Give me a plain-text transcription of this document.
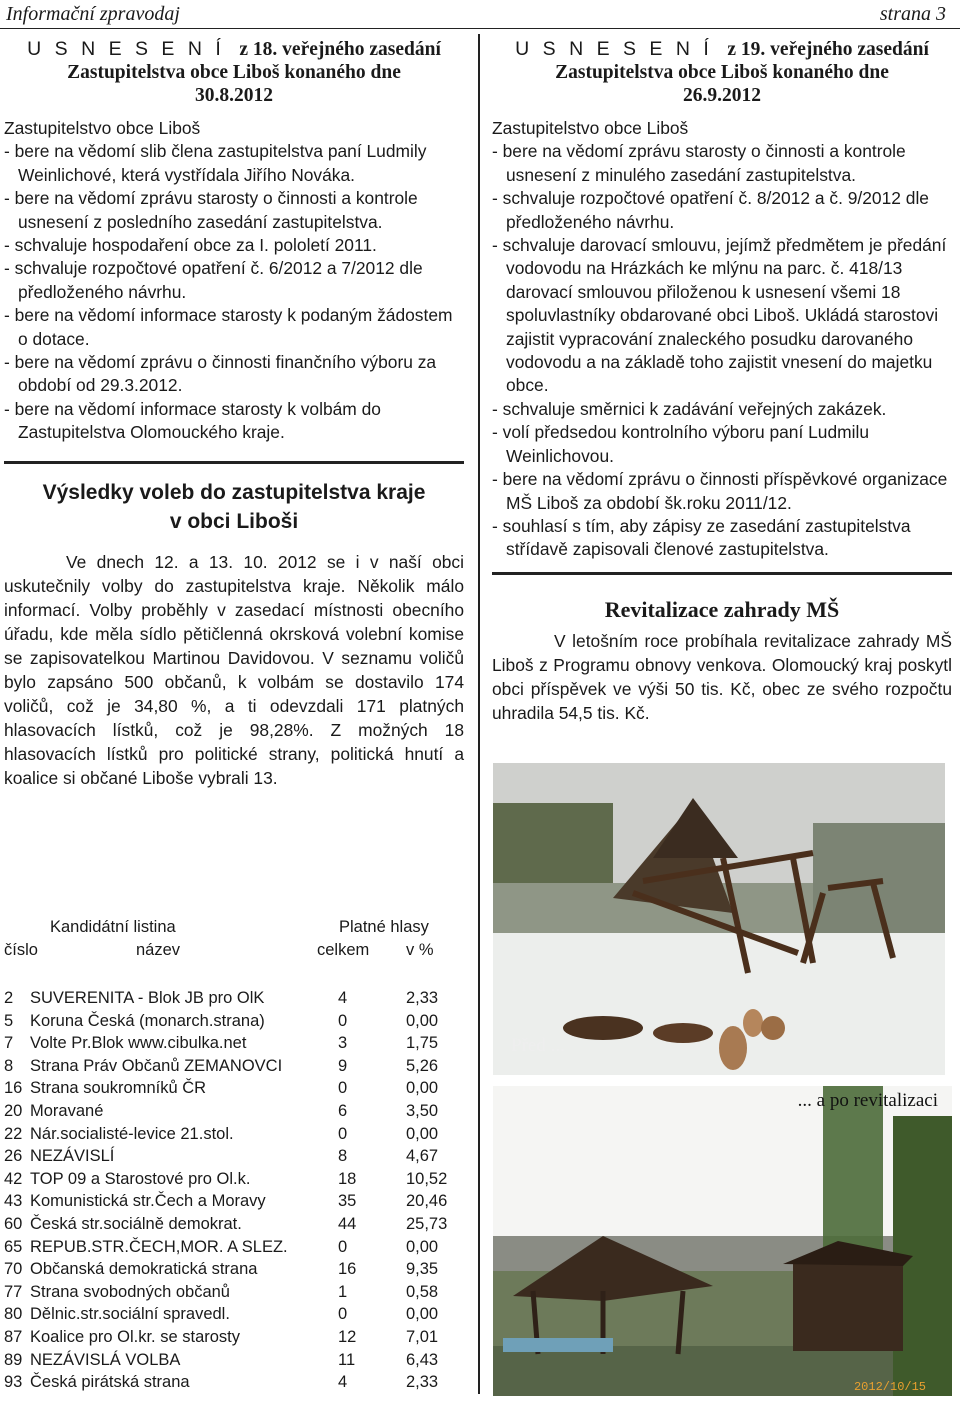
Informační zpravodaj	strana 3
U S N E S E N Í z 18. veřejného zasedání
Zastupitelstva obce Liboš konaného dne
30.8.2012

Zastupitelstvo obce Liboš

- bere na vědomí slib člena zastupitelstva paní Ludmily Weinlichové, která vystřídala Jiřího Nováka.
- bere na vědomí zprávu starosty o činnosti a kontrole usnesení z posledního zasedání zastupitelstva.
- schvaluje hospodaření obce za I. pololetí 2011.
- schvaluje rozpočtové opatření č. 6/2012 a 7/2012 dle předloženého návrhu.
- bere na vědomí informace starosty k podaným žádostem o dotace.
- bere na vědomí zprávu o činnosti finančního výboru za období od 29.3.2012.
- bere na vědomí informace starosty k volbám do Zastupitelstva Olomouckého kraje.
Výsledky voleb do zastupitelstva kraje
v obci Liboši

Ve dnech 12. a 13. 10. 2012 se i v naší obci uskutečnily volby do zastupitelstva kraje. Několik málo informací. Volby proběhly v zasedací místnosti obecního úřadu, kde měla sídlo pětičlenná okrsková volební komise se zapisovatelkou Martinou Davidovou. V seznamu voličů bylo zapsáno 500 občanů, k volbám se dostavilo 174 voličů, což je 34,80 %, a ti odevzdali 171 platných hlasovacích lístků, což je 98,28%. Z možných 18 hlasovacích lístků pro politické strany, politická hnutí a koalice si občané Liboše vybrali 13.

Kandidátní listina	Platné hlasy
číslo	název	celkem v %
2 SUVERENITA - Blok JB pro OlK	4	2,33
5 Koruna Česká (monarch.strana)	0	0,00
7 Volte Pr.Blok www.cibulka.net	3	1,75
8 Strana Práv Občanů ZEMANOVCI	9	5,26
16 Strana soukromníků ČR	0	0,00
20 Moravané	6	3,50
22 Nár.socialisté-levice 21.stol.	0	0,00
26 NEZÁVISLÍ	8	4,67
42 TOP 09 a Starostové pro Ol.k.	18	10,52
43 Komunistická str.Čech a Moravy	35	20,46
60 Česká str.sociálně demokrat.	44	25,73
65 REPUB.STR.ČECH,MOR. A SLEZ.	0	0,00
70 Občanská demokratická strana	16	9,35
77 Strana svobodných občanů	1	0,58
80 Dělnic.str.sociální spravedl.	0	0,00
87 Koalice pro Ol.kr. se starosty	12	7,01
89 NEZÁVISLÁ VOLBA	11	6,43
93 Česká pirátská strana	4	2,33
U S N E S E N Í z 19. veřejného zasedání
Zastupitelstva obce Liboš konaného dne
26.9.2012

Zastupitelstvo obce Liboš

- bere na vědomí zprávu starosty o činnosti a kontrole usnesení z minulého zasedání zastupitelstva.
- schvaluje rozpočtové opatření č. 8/2012 a č. 9/2012 dle předloženého návrhu.
- schvaluje darovací smlouvu, jejímž předmětem je předání vodovodu na Hrázkách ke mlýnu na parc. č. 418/13 darovací smlouvou přiloženou k usnesení všemi 18 spoluvlastníky obdarované obci Liboš. Ukládá starostovi zajistit vypracování znaleckého posudku darovaného vodovodu a na základě toho zajistit vnesení do majetku obce.
- schvaluje směrnici k zadávání veřejných zakázek.
- volí předsedou kontrolního výboru paní Ludmilu Weinlichovou.
- bere na vědomí zprávu o činnosti příspěvkové organizace MŠ Liboš za období šk.roku 2011/12.
- souhlasí s tím, aby zápisy ze zasedání zastupitelstva střídavě zapisovali členové zastupitelstva.
Revitalizace zahrady MŠ

V letošním roce probíhala revitalizace zahrady MŠ Liboš z Programu obnovy venkova. Olomoucký kraj poskytl obci příspěvek ve výši 50 tis. Kč, obec ze svého rozpočtu uhradila 54,5 tis. Kč.

Před ...
... a po revitalizaci
2012/10/15
